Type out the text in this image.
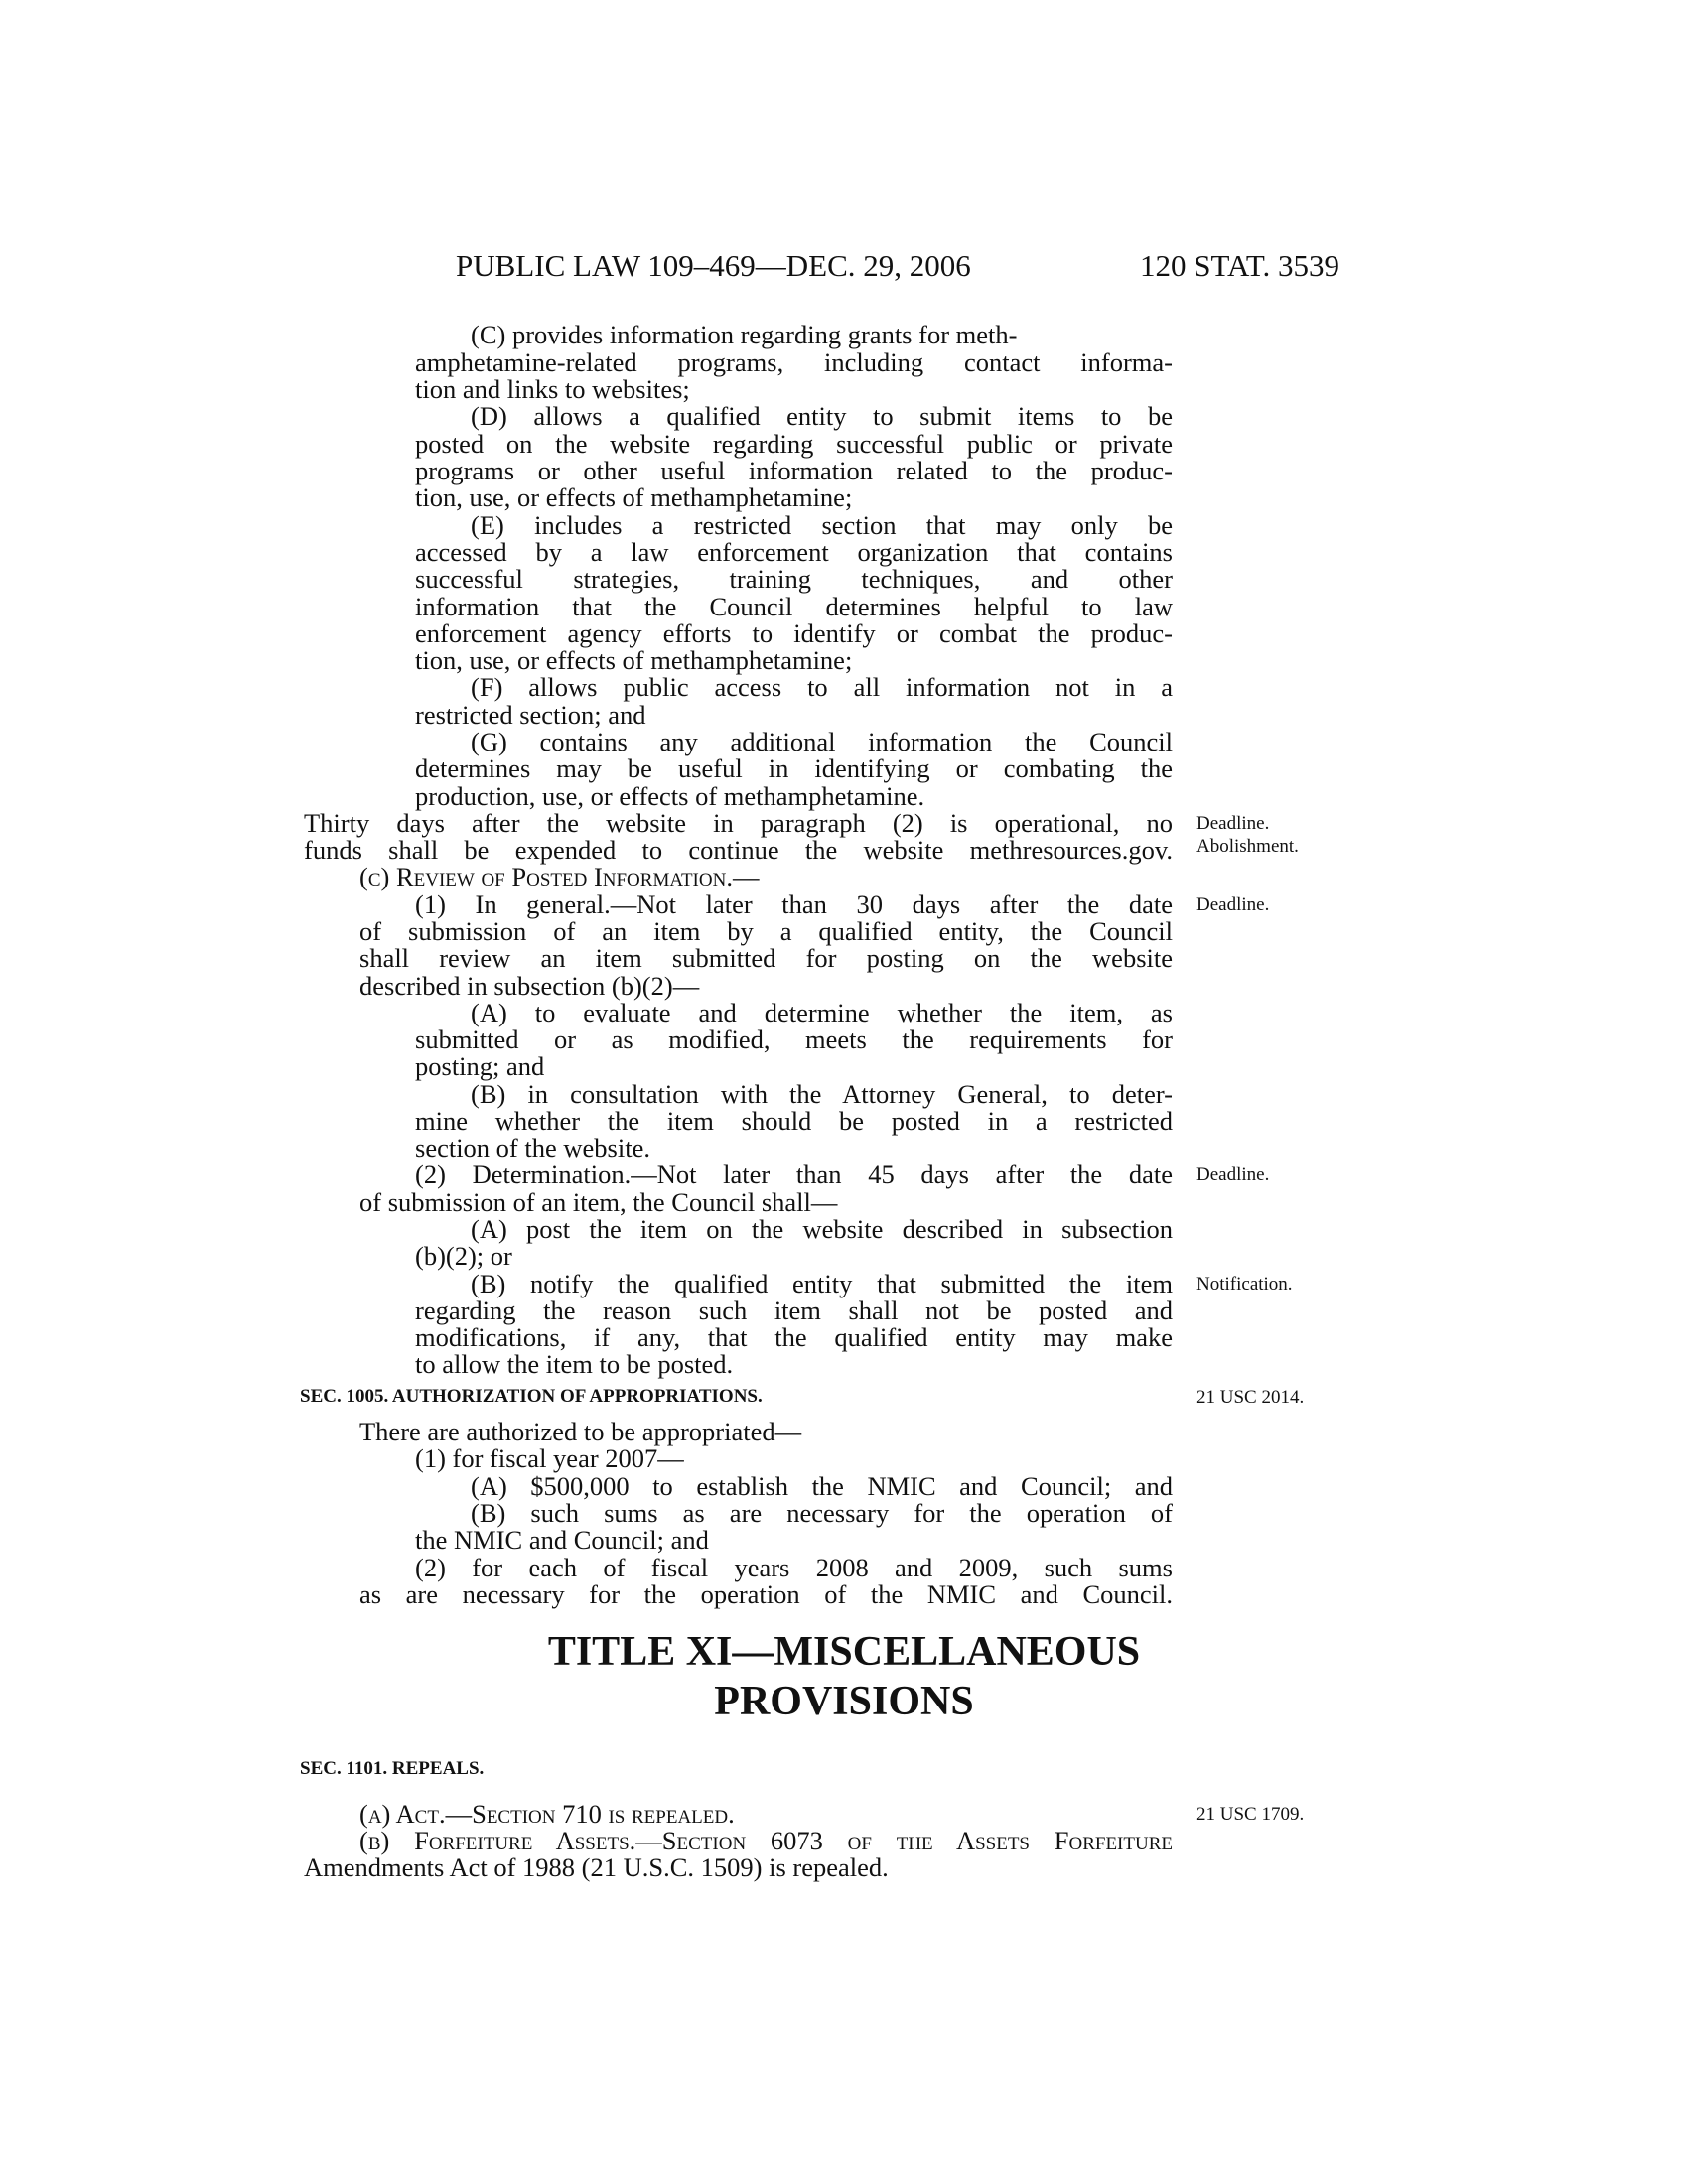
PUBLIC LAW 109–469—DEC. 29, 2006	120 STAT. 3539
(C) provides information regarding grants for meth-
amphetamine-related programs, including contact informa-
tion and links to websites;
(D) allows a qualified entity to submit items to be
posted on the website regarding successful public or private
programs or other useful information related to the produc-
tion, use, or effects of methamphetamine;
(E) includes a restricted section that may only be
accessed by a law enforcement organization that contains
successful strategies, training techniques, and other
information that the Council determines helpful to law
enforcement agency efforts to identify or combat the produc-
tion, use, or effects of methamphetamine;
(F) allows public access to all information not in a
restricted section; and
(G) contains any additional information the Council
determines may be useful in identifying or combating the
production, use, or effects of methamphetamine.
Thirty days after the website in paragraph (2) is operational, no
funds shall be expended to continue the website methresources.gov.
(c) Review of Posted Information.—
(1) In general.—Not later than 30 days after the date
of submission of an item by a qualified entity, the Council
shall review an item submitted for posting on the website
described in subsection (b)(2)—
(A) to evaluate and determine whether the item, as
submitted or as modified, meets the requirements for
posting; and
(B) in consultation with the Attorney General, to deter-
mine whether the item should be posted in a restricted
section of the website.
(2) Determination.—Not later than 45 days after the date
of submission of an item, the Council shall—
(A) post the item on the website described in subsection
(b)(2); or
(B) notify the qualified entity that submitted the item
regarding the reason such item shall not be posted and
modifications, if any, that the qualified entity may make
to allow the item to be posted.
SEC. 1005. AUTHORIZATION OF APPROPRIATIONS.
There are authorized to be appropriated—
(1) for fiscal year 2007—
(A) $500,000 to establish the NMIC and Council; and
(B) such sums as are necessary for the operation of
the NMIC and Council; and
(2) for each of fiscal years 2008 and 2009, such sums
as are necessary for the operation of the NMIC and Council.
TITLE XI—MISCELLANEOUS
PROVISIONS
SEC. 1101. REPEALS.
(a) Act.—Section 710 is repealed.
(b) Forfeiture Assets.—Section 6073 of the Assets Forfeiture
Amendments Act of 1988 (21 U.S.C. 1509) is repealed.
Deadline.
Abolishment.
Deadline.
Deadline.
Notification.
21 USC 2014.
21 USC 1709.
